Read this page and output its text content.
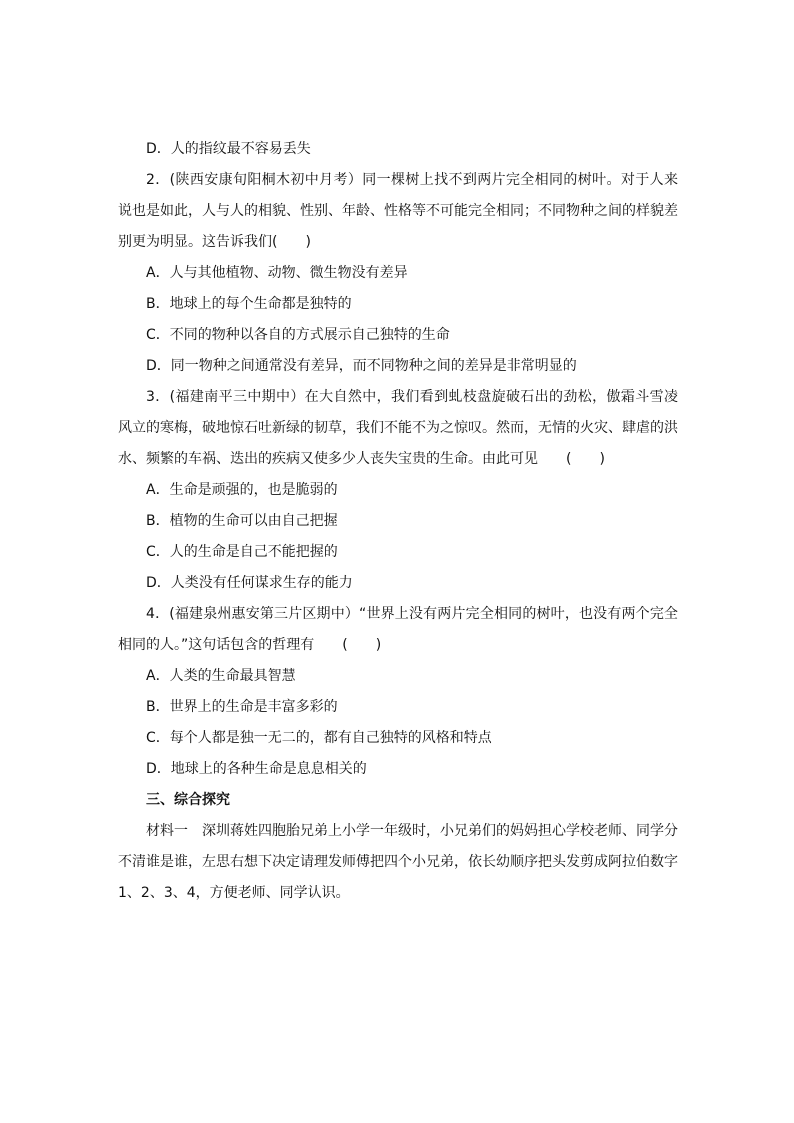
D．人的指纹最不容易丢失
2．(陕西安康旬阳桐木初中月考）同一棵树上找不到两片完全相同的树叶。对于人来
说也是如此，人与人的相貌、性别、年龄、性格等不可能完全相同；不同物种之间的样貌差
别更为明显。这告诉我们(　　)
A．人与其他植物、动物、微生物没有差异
B．地球上的每个生命都是独特的
C．不同的物种以各自的方式展示自己独特的生命
D．同一物种之间通常没有差异，而不同物种之间的差异是非常明显的
3．(福建南平三中期中）在大自然中，我们看到虬枝盘旋破石出的劲松，傲霜斗雪凌
风立的寒梅，破地惊石吐新绿的韧草，我们不能不为之惊叹。然而，无情的火灾、肆虐的洪
水、频繁的车祸、迭出的疾病又使多少人丧失宝贵的生命。由此可见　　(　　)
A．生命是顽强的，也是脆弱的
B．植物的生命可以由自己把握
C．人的生命是自己不能把握的
D．人类没有任何谋求生存的能力
4．(福建泉州惠安第三片区期中）“世界上没有两片完全相同的树叶，也没有两个完全
相同的人。”这句话包含的哲理有　　(　　)
A．人类的生命最具智慧
B．世界上的生命是丰富多彩的
C．每个人都是独一无二的，都有自己独特的风格和特点
D．地球上的各种生命是息息相关的
三、综合探究
材料一　深圳蒋姓四胞胎兄弟上小学一年级时，小兄弟们的妈妈担心学校老师、同学分
不清谁是谁，左思右想下决定请理发师傅把四个小兄弟，依长幼顺序把头发剪成阿拉伯数字
1、2、3、4，方便老师、同学认识。
